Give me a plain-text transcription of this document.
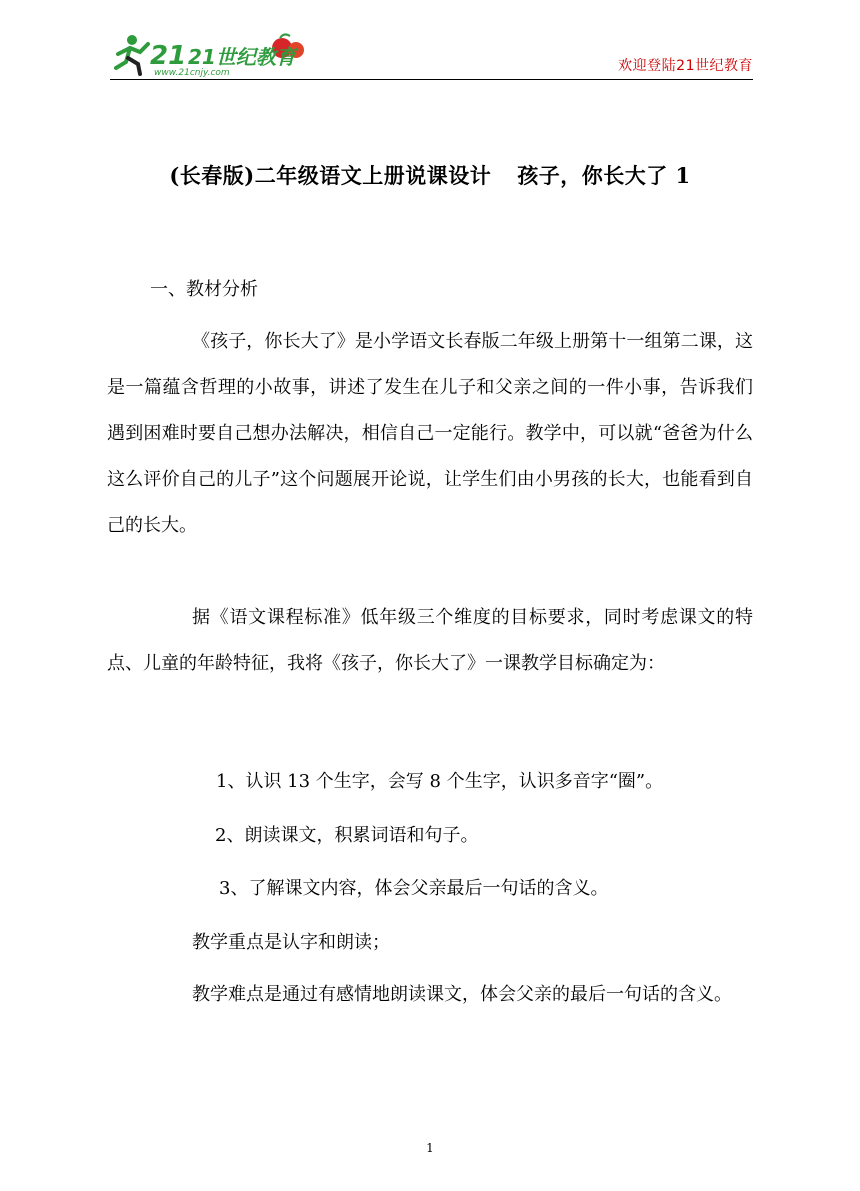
21 21世纪教育
www.21cnjy.com	欢迎登陆21世纪教育
(长春版)二年级语文上册说课设计 孩子，你长大了 1
一、教材分析

《孩子，你长大了》是小学语文长春版二年级上册第十一组第二课，这是一篇蕴含哲理的小故事，讲述了发生在儿子和父亲之间的一件小事，告诉我们遇到困难时要自己想办法解决，相信自己一定能行。教学中，可以就“爸爸为什么这么评价自己的儿子”这个问题展开论说，让学生们由小男孩的长大，也能看到自己的长大。

据《语文课程标准》低年级三个维度的目标要求，同时考虑课文的特点、儿童的年龄特征，我将《孩子，你长大了》一课教学目标确定为：

1、认识 13 个生字，会写 8 个生字，认识多音字“圈”。
2、朗读课文，积累词语和句子。
3、了解课文内容，体会父亲最后一句话的含义。
教学重点是认字和朗读；

教学难点是通过有感情地朗读课文，体会父亲的最后一句话的含义。

1
